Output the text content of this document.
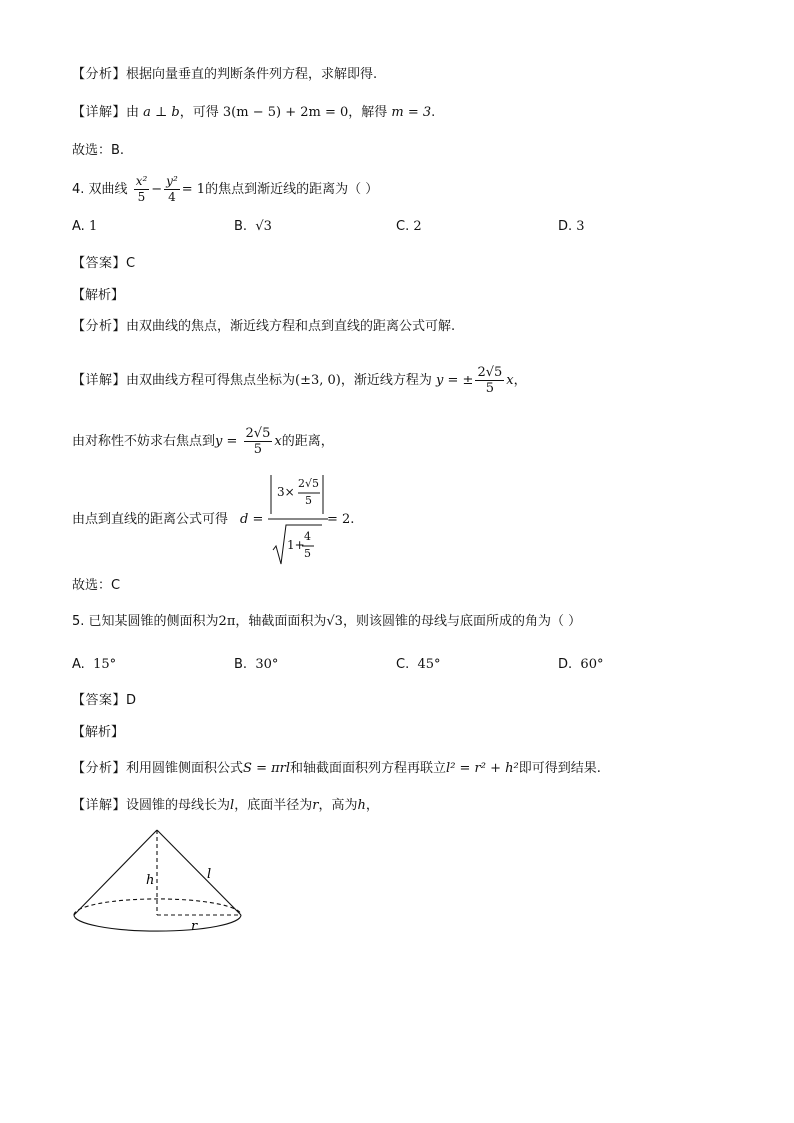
【分析】根据向量垂直的判断条件列方程，求解即得.
【详解】由 a ⊥ b，可得 3(m − 5) + 2m = 0，解得 m = 3.
故选：B.
4. 双曲线 $\frac{\text{x²}}{5} - \frac{\text{y²}}{4} = 1$的焦点到渐近线的距离为（ ）
A. 1	B. √3	C. 2	D. 3
【答案】C
【解析】
【分析】由双曲线的焦点，渐近线方程和点到直线的距离公式可解.
【详解】由双曲线方程可得焦点坐标为(±3, 0)，渐近线方程为 y = ± $\frac{2√5}{5}$ x，
由对称性不妨求右焦点到$y = \frac{2√5}{5}$ x的距离，
由点到直线的距离公式可得 d =
3×
2√5
5
1+
4
5
= 2.
故选：C
5. 已知某圆锥的侧面积为2π，轴截面面积为√3，则该圆锥的母线与底面所成的角为（ ）
A. 15°	B. 30°	C. 45°	D. 60°
【答案】D
【解析】
【分析】利用圆锥侧面积公式S = πrl和轴截面面积列方程再联立l² = r² + h²即可得到结果.
【详解】设圆锥的母线长为l，底面半径为r，高为h，
h	l
r
